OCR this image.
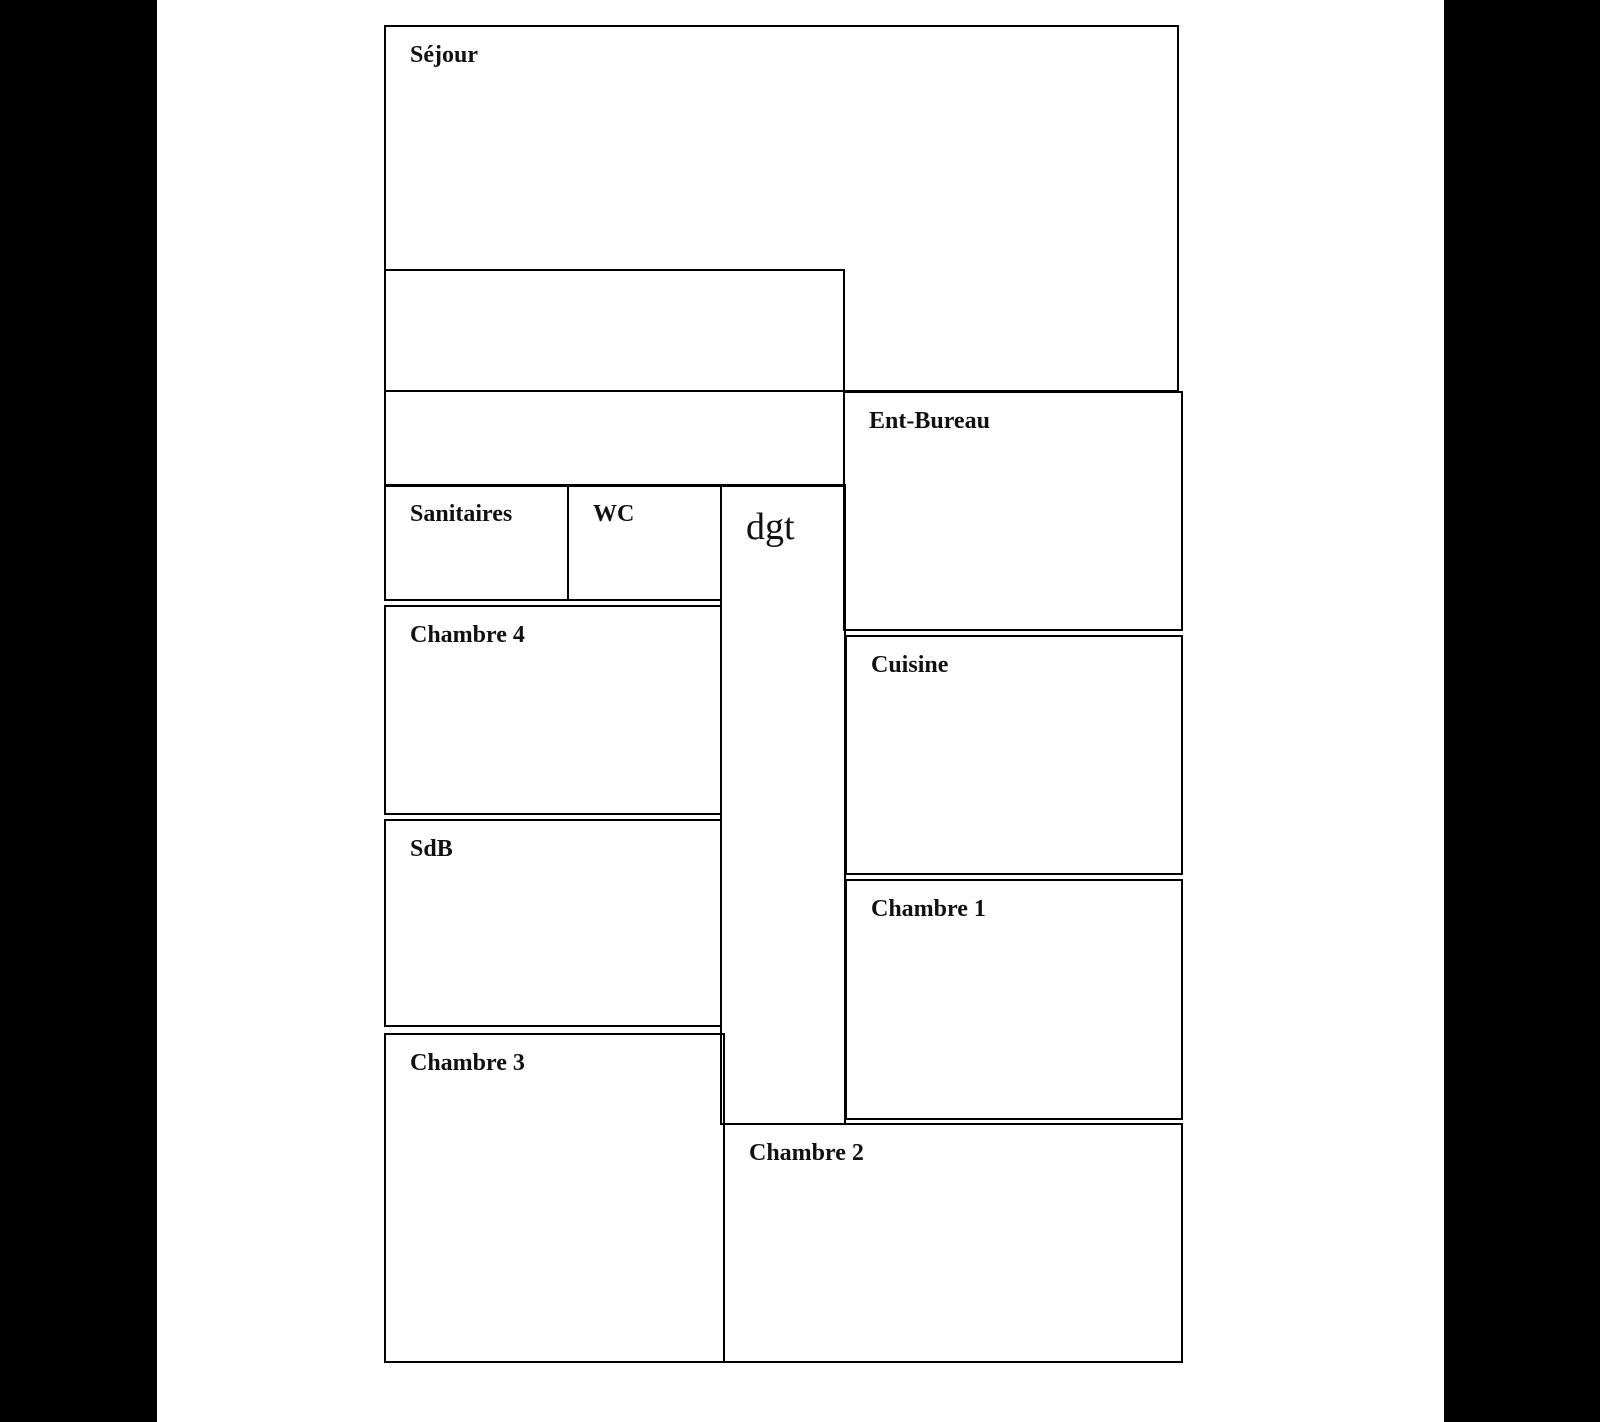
Séjour
Ent-Bureau
Sanitaires	WC	dgt
Chambre 4
Cuisine
SdB
Chambre 1
Chambre 3
Chambre 2
